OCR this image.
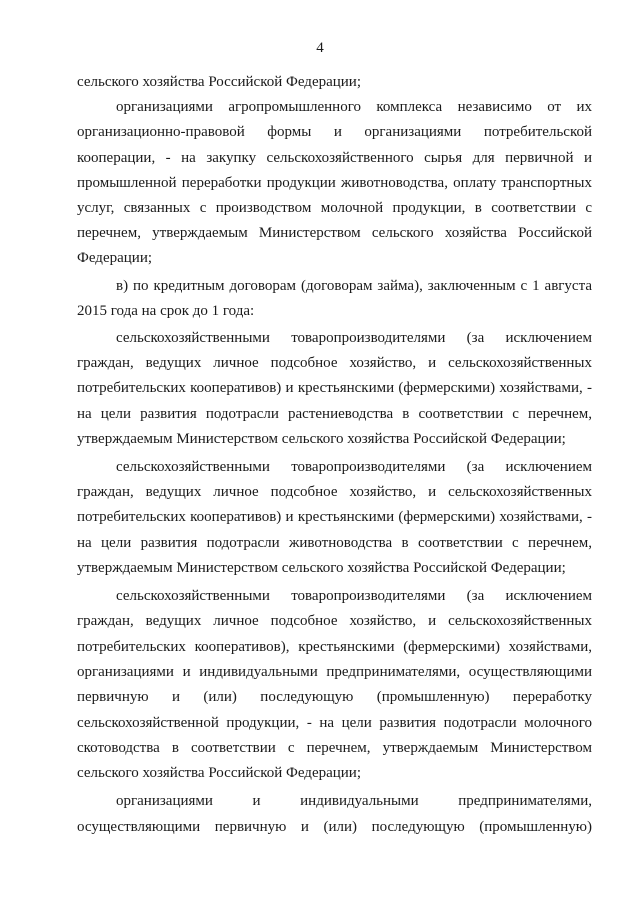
4
сельского хозяйства Российской Федерации;
организациями агропромышленного комплекса независимо от их
организационно-правовой формы и организациями потребительской
кооперации, - на закупку сельскохозяйственного сырья для первичной и
промышленной переработки продукции животноводства, оплату транспортных
услуг, связанных с производством молочной продукции, в соответствии с
перечнем, утверждаемым Министерством сельского хозяйства Российской
Федерации;
в) по кредитным договорам (договорам займа), заключенным с 1 августа
2015 года на срок до 1 года:
сельскохозяйственными товаропроизводителями (за исключением
граждан, ведущих личное подсобное хозяйство, и сельскохозяйственных
потребительских кооперативов) и крестьянскими (фермерскими) хозяйствами, -
на цели развития подотрасли растениеводства в соответствии с перечнем,
утверждаемым Министерством сельского хозяйства Российской Федерации;
сельскохозяйственными товаропроизводителями (за исключением
граждан, ведущих личное подсобное хозяйство, и сельскохозяйственных
потребительских кооперативов) и крестьянскими (фермерскими) хозяйствами, -
на цели развития подотрасли животноводства в соответствии с перечнем,
утверждаемым Министерством сельского хозяйства Российской Федерации;
сельскохозяйственными товаропроизводителями (за исключением
граждан, ведущих личное подсобное хозяйство, и сельскохозяйственных
потребительских кооперативов), крестьянскими (фермерскими) хозяйствами,
организациями и индивидуальными предпринимателями, осуществляющими
первичную и (или) последующую (промышленную) переработку
сельскохозяйственной продукции, - на цели развития подотрасли молочного
скотоводства в соответствии с перечнем, утверждаемым Министерством
сельского хозяйства Российской Федерации;
организациями и индивидуальными предпринимателями,
осуществляющими первичную и (или) последующую (промышленную)
